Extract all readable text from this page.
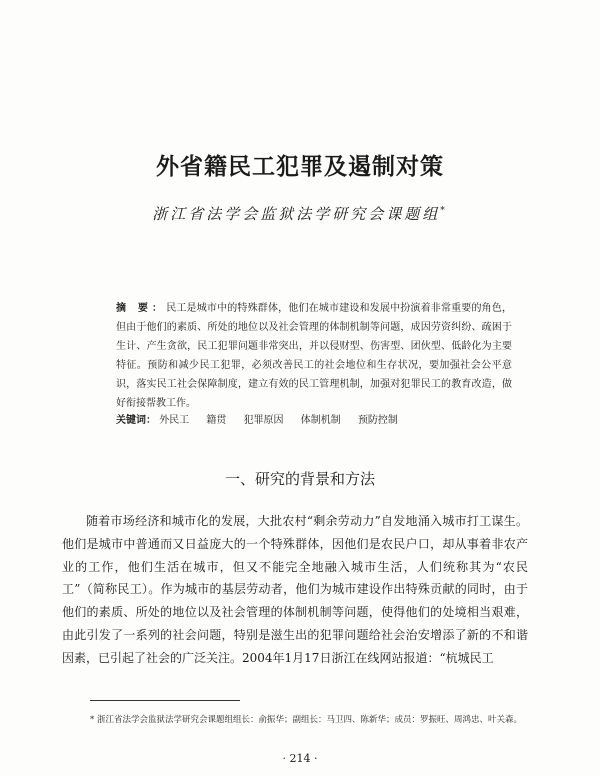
外省籍民工犯罪及遏制对策
浙江省法学会监狱法学研究会课题组*
摘 要：民工是城市中的特殊群体，他们在城市建设和发展中扮演着非常重要的角色，但由于他们的素质、所处的地位以及社会管理的体制机制等问题，成因劳资纠纷、疏困于生计、产生贪欲，民工犯罪问题非常突出，并以侵财型、伤害型、团伙型、低龄化为主要特征。预防和减少民工犯罪，必须改善民工的社会地位和生存状况，要加强社会公平意识，落实民工社会保障制度，建立有效的民工管理机制，加强对犯罪民工的教育改造，做好衔接帮教工作。
关键词： 外民工 籍贯 犯罪原因 体制机制 预防控制
一、研究的背景和方法
随着市场经济和城市化的发展，大批农村“剩余劳动力”自发地涌入城市打工谋生。他们是城市中普通而又日益庞大的一个特殊群体，因他们是农民户口，却从事着非农产业的工作，他们生活在城市，但又不能完全地融入城市生活，人们统称其为“农民工”（简称民工）。作为城市的基层劳动者，他们为城市建设作出特殊贡献的同时，由于他们的素质、所处的地位以及社会管理的体制机制等问题，使得他们的处境相当艰难，由此引发了一系列的社会问题，特别是滋生出的犯罪问题给社会治安增添了新的不和谐因素，已引起了社会的广泛关注。2004年1月17日浙江在线网站报道：“杭城民工
* 浙江省法学会监狱法学研究会课题组组长：俞振华；副组长：马卫四、陈新华；成员：罗振旺、周鸿忠、叶关森。
· 214 ·
